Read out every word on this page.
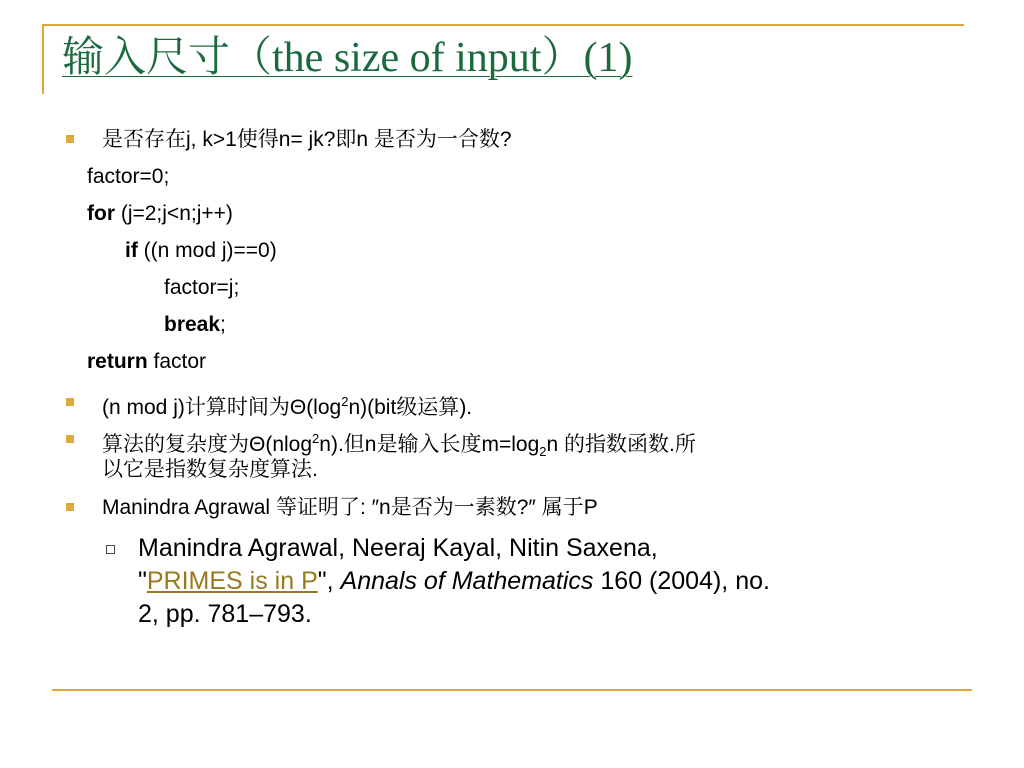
输入尺寸（the size of input）(1)
是否存在j, k>1使得n= jk?即n 是否为一合数?
factor=0;
for (j=2;j<n;j++)
if ((n mod j)==0)
factor=j;
break;
return factor
(n mod j)计算时间为$\Theta(\log^2n)(bit$级运算).
算法的复杂度为Θ(nlog$^2$n).但n是输入长度$m=\log_2n$ 的指数函数.所
以它是指数复杂度算法.
Manindra Agrawal 等证明了: ″n是否为一素数?″ 属于P
Manindra Agrawal, Neeraj Kayal, Nitin Saxena,
"PRIMES is in P", Annals of Mathematics 160 (2004), no.
2, pp. 781–793.
